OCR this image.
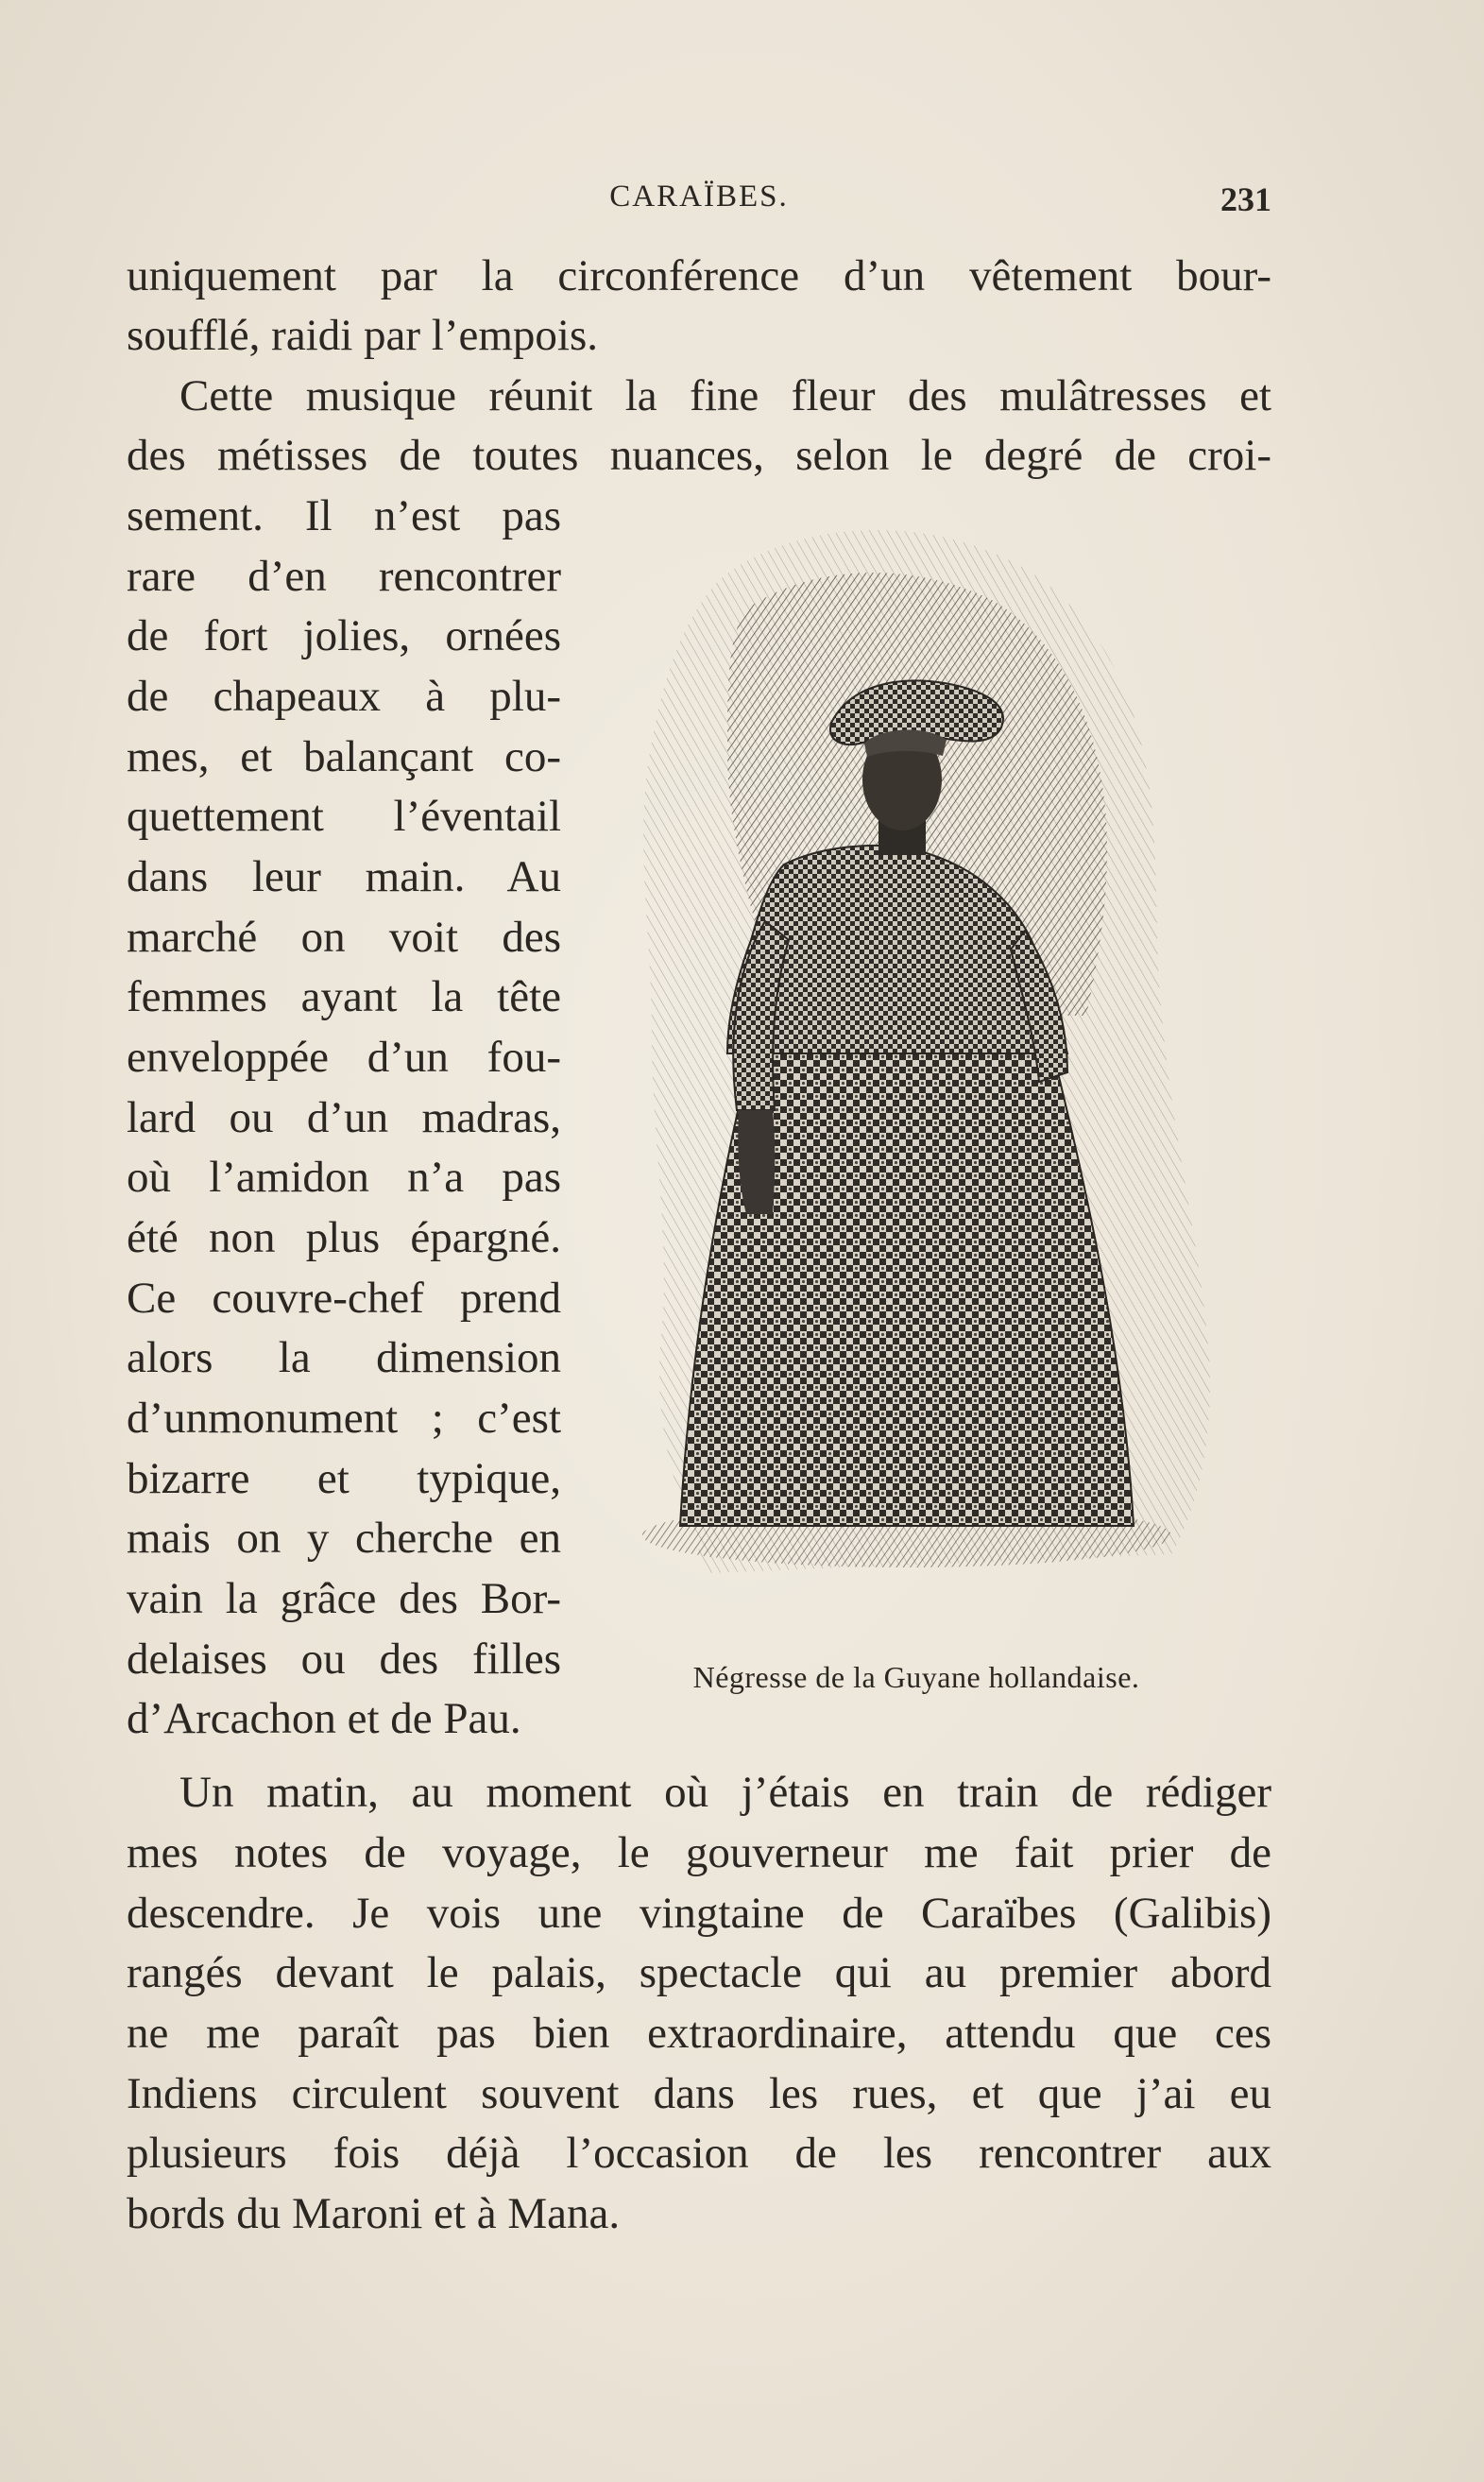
CARAÏBES.	231
uniquement par la circonférence d’un vêtement bour-
soufflé, raidi par l’empois.
Cette musique réunit la fine fleur des mulâtresses et
des métisses de toutes nuances, selon le degré de croi-
sement. Il n’est pas
rare d’en rencontrer
de fort jolies, ornées
de chapeaux à plu-
mes, et balançant co-
quettement l’éventail
dans leur main. Au
marché on voit des
femmes ayant la tête
enveloppée d’un fou-
lard ou d’un madras,
où l’amidon n’a pas
été non plus épargné.
Ce couvre-chef prend
alors la dimension
d’unmonument ; c’est
bizarre et typique,
mais on y cherche en
vain la grâce des Bor-
delaises ou des filles
d’Arcachon et de Pau.
Négresse de la Guyane hollandaise.
Un matin, au moment où j’étais en train de rédiger
mes notes de voyage, le gouverneur me fait prier de
descendre. Je vois une vingtaine de Caraïbes (Galibis)
rangés devant le palais, spectacle qui au premier abord
ne me paraît pas bien extraordinaire, attendu que ces
Indiens circulent souvent dans les rues, et que j’ai eu
plusieurs fois déjà l’occasion de les rencontrer aux
bords du Maroni et à Mana.
